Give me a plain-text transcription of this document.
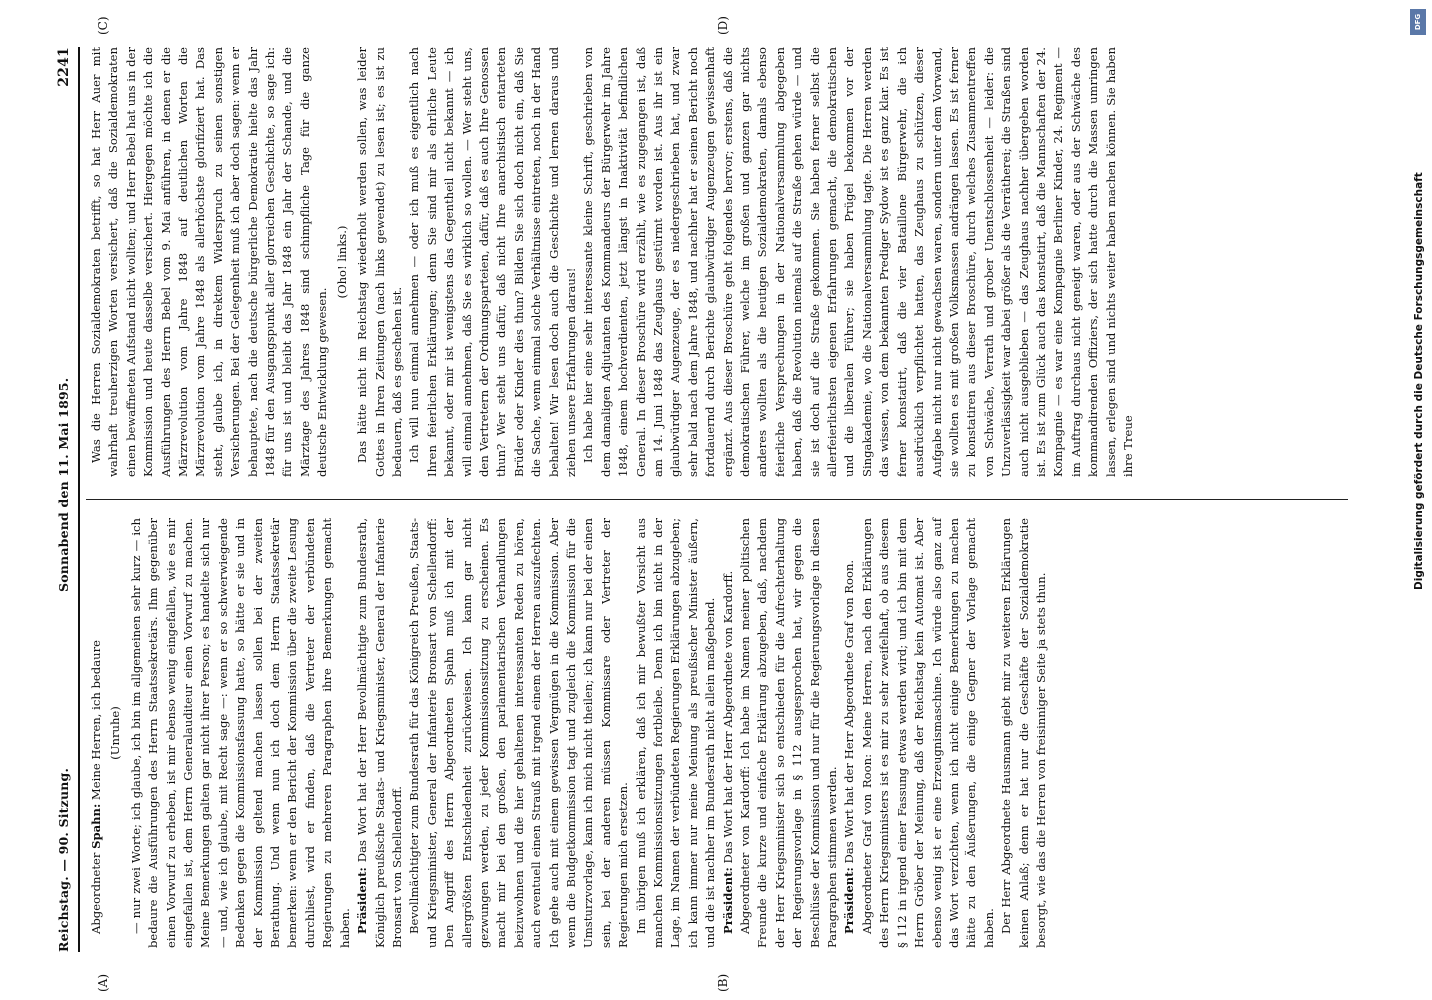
Reichstag. — 90. Sitzung.
Sonnabend den 11. Mai 1895.
2241
(A)	(B)
(C)	(D)

Abgeordneter Spahn: Meine Herren, ich bedaure (Unruhe) — nur zwei Worte; ich glaube, ich bin im allgemeinen sehr kurz — ich bedaure die Ausführungen des Herrn Staatssekretärs. Ihm gegenüber einen Vorwurf zu erheben, ist mir ebenso wenig eingefallen, wie es mir eingefallen ist, dem Herrn Generalauditeur einen Vorwurf zu machen. Meine Bemerkungen galten gar nicht ihrer Person; es handelte sich nur — und, wie ich glaube, mit Recht sage —: wenn er so schwerwiegende Bedenken gegen die Kommissionsfassung hatte, so hätte er sie und in der Kommission geltend machen lassen sollen bei der zweiten Berathung. Und wenn nun ich doch dem Herrn Staatssekretär bemerken: wenn er den Bericht der Kommission über die zweite Lesung durchliest, wird er finden, daß die Vertreter der verbündeten Regierungen zu mehreren Paragraphen ihre Bemerkungen gemacht haben. Präsident: Das Wort hat der Herr Bevollmächtigte zum Bundesrath, Königlich preußische Staats- und Kriegsminister, General der Infanterie Bronsart von Schellendorff. Bevollmächtigter zum Bundesrath für das Königreich Preußen, Staats- und Kriegsminister, General der Infanterie Bronsart von Schellendorff: Den Angriff des Herrn Abgeordneten Spahn muß ich mit der allergrößten Entschiedenheit zurückweisen. Ich kann gar nicht gezwungen werden, zu jeder Kommissionssitzung zu erscheinen. Es macht mir bei den großen, den parlamentarischen Verhandlungen beizuwohnen und die hier gehaltenen interessanten Reden zu hören, auch eventuell einen Strauß mit irgend einem der Herren auszufechten. Ich gehe auch mit einem gewissen Vergnügen in die Kommission. Aber wenn die Budgetkommission tagt und zugleich die Kommission für die Umsturzvorlage, kann ich mich nicht theilen; ich kann nur bei der einen sein, bei der anderen müssen Kommissare oder Vertreter der Regierungen mich ersetzen. Im übrigen muß ich erklären, daß ich mir bewußter Vorsicht aus manchen Kommissionssitzungen fortbleibe. Denn ich bin nicht in der Lage, im Namen der verbündeten Regierungen Erklärungen abzugeben; ich kann immer nur meine Meinung als preußischer Minister äußern, und die ist nachher im Bundesrath nicht allein maßgebend. Präsident: Das Wort hat der Herr Abgeordnete von Kardorff. Abgeordneter von Kardorff: Ich habe im Namen meiner politischen Freunde die kurze und einfache Erklärung abzugeben, daß, nachdem der Herr Kriegsminister sich so entschieden für die Aufrechterhaltung der Regierungsvorlage in § 112 ausgesprochen hat, wir gegen die Beschlüsse der Kommission und nur für die Regierungsvorlage in diesen Paragraphen stimmen werden. Präsident: Das Wort hat der Herr Abgeordnete Graf von Roon. Abgeordneter Graf von Roon: Meine Herren, nach den Erklärungen des Herrn Kriegsministers ist es mir zu sehr zweifelhaft, ob aus diesem § 112 in irgend einer Fassung etwas werden wird; und ich bin mit dem Herrn Gröber der Meinung, daß der Reichstag kein Automat ist. Aber ebenso wenig ist er eine Erzeugnismaschine. Ich würde also ganz auf das Wort verzichten, wenn ich nicht einige Bemerkungen zu machen hätte zu den Äußerungen, die einige Gegner der Vorlage gemacht haben. Der Herr Abgeordnete Hausmann giebt mir zu weiteren Erklärungen keinen Anlaß; denn er hat nur die Geschäfte der Sozialdemokratie besorgt, wie das die Herren von freisinniger Seite ja stets thun.

Was die Herren Sozialdemokraten betrifft, so hat Herr Auer mit wahrhaft treuherzigen Worten versichert, daß die Sozialdemokraten einen bewaffneten Aufstand nicht wollten; und Herr Bebel hat uns in der Kommission und heute dasselbe versichert. Hiergegen möchte ich die Ausführungen des Herrn Bebel vom 9. Mai anführen, in denen er die Märzrevolution vom Jahre 1848 auf deutlichen Worten die Märzrevolution vom Jahre 1848 als allerhöchste glorifiziert hat. Das steht, glaube ich, in direktem Widerspruch zu seinen sonstigen Versicherungen. Bei der Gelegenheit muß ich aber doch sagen: wenn er behauptete, nach die deutsche bürgerliche Demokratie hielte das Jahr 1848 für den Ausgangspunkt aller glorreichen Geschichte, so sage ich: für uns ist und bleibt das Jahr 1848 ein Jahr der Schande, und die Märztage des Jahres 1848 sind schimpfliche Tage für die ganze deutsche Entwicklung gewesen.

(Oho! links.) Das hätte nicht im Reichstag wiederholt werden sollen, was leider Gottes in Ihren Zeitungen (nach links gewendet) zu lesen ist; es ist zu bedauern, daß es geschehen ist. Ich will nun einmal annehmen — oder ich muß es eigentlich nach Ihren feierlichen Erklärungen; denn Sie sind mir als ehrliche Leute bekannt, oder mir ist wenigstens das Gegentheil nicht bekannt — ich will einmal annehmen, daß Sie es wirklich so wollen. — Wer steht uns, den Vertretern der Ordnungsparteien, dafür, daß es auch Ihre Genossen thun? Wer steht uns dafür, daß nicht Ihre anarchistisch entarteten Brüder oder Kinder dies thun? Bilden Sie sich doch nicht ein, daß Sie die Sache, wenn einmal solche Verhältnisse eintreten, noch in der Hand behalten! Wir lesen doch auch die Geschichte und lernen daraus und ziehen unsere Erfahrungen daraus! Ich habe hier eine sehr interessante kleine Schrift, geschrieben von dem damaligen Adjutanten des Kommandeurs der Bürgerwehr im Jahre 1848, einem hochverdienten, jetzt längst in Inaktivität befindlichen General. In dieser Broschüre wird erzählt, wie es zugegangen ist, daß am 14. Juni 1848 das Zeughaus gestürmt worden ist. Aus ihr ist ein glaubwürdiger Augenzeuge, der es niedergeschrieben hat, und zwar sehr bald nach dem Jahre 1848, und nachher hat er seinen Bericht noch fortdauernd durch Berichte glaubwürdiger Augenzeugen gewissenhaft ergänzt. Aus dieser Broschüre geht folgendes hervor; erstens, daß die demokratischen Führer, welche im großen und ganzen gar nichts anderes wollten als die heutigen Sozialdemokraten, damals ebenso feierliche Versprechungen in der Nationalversammlung abgegeben haben, daß die Revolution niemals auf die Straße gehen würde — und sie ist doch auf die Straße gekommen. Sie haben ferner selbst die allerfeierlichsten eigenen Erfahrungen gemacht, die demokratischen und die liberalen Führer; sie haben Prügel bekommen vor der Singakademie, wo die Nationalversammlung tagte. Die Herren werden das wissen, von dem bekannten Prediger Sydow ist es ganz klar. Es ist ferner konstatirt, daß die vier Bataillone Bürgerwehr, die ich ausdrücklich verpflichtet hatten, das Zeughaus zu schützen, dieser Aufgabe nicht nur nicht gewachsen waren, sondern unter dem Vorwand, sie wollten es mit großen Volksmassen andrängen lassen. Es ist ferner zu konstatiren aus dieser Broschüre, durch welches Zusammentreffen von Schwäche, Verrath und grober Unentschlossenheit — leider: die Unzuverlässigkeit war dabei größer als die Verrätherei; die Straßen sind auch nicht ausgeblieben — das Zeughaus nachher übergeben worden ist. Es ist zum Glück auch das konstatirt, daß die Mannschaften der 24. Kompagnie — es war eine Kompagnie Berliner Kinder, 24. Regiment — im Auftrag durchaus nicht geneigt waren, oder aus der Schwäche des kommandirenden Offiziers, der sich hatte durch die Massen umringen lassen, erlegen sind und nichts weiter haben machen können. Sie haben ihre Treue	Digitalisierung gefördert durch die Deutsche Forschungsgemeinschaft
DFG
